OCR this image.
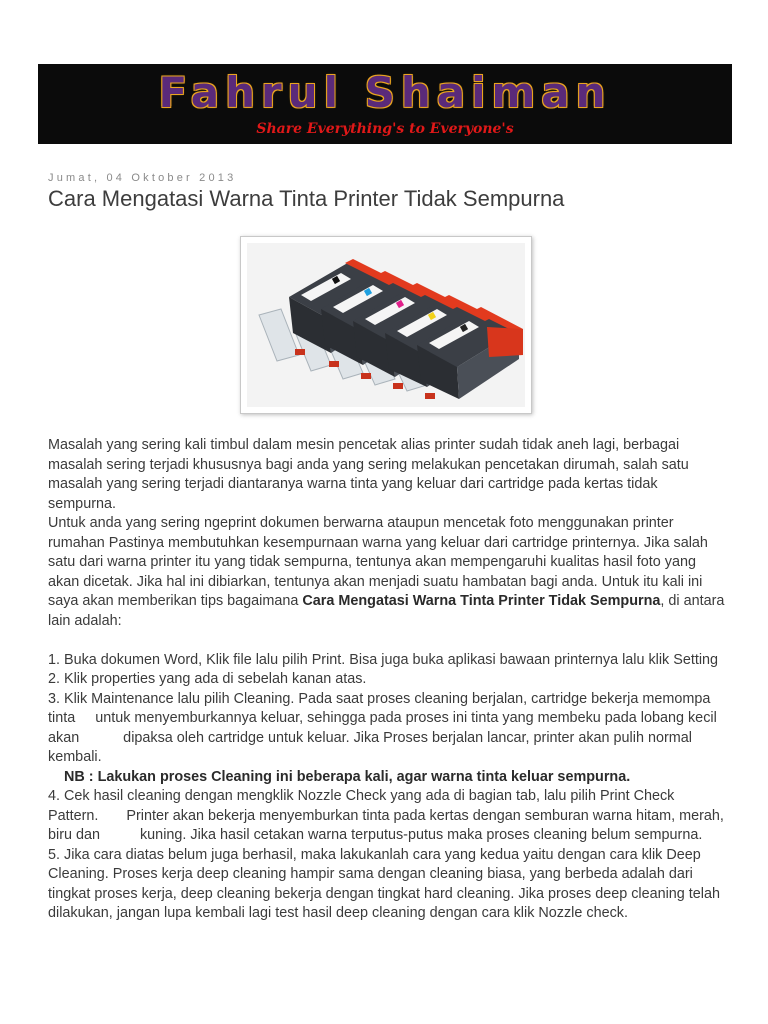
Fahrul Shaiman
Share Everything's to Everyone's
Jumat, 04 Oktober 2013
Cara Mengatasi Warna Tinta Printer Tidak Sempurna

Masalah yang sering kali timbul dalam mesin pencetak alias printer sudah tidak aneh lagi, berbagai masalah sering terjadi khususnya bagi anda yang sering melakukan pencetakan dirumah, salah satu masalah yang sering terjadi diantaranya warna tinta yang keluar dari cartridge pada kertas tidak sempurna.

Untuk anda yang sering ngeprint dokumen berwarna ataupun mencetak foto menggunakan printer rumahan Pastinya membutuhkan kesempurnaan warna yang keluar dari cartridge printernya. Jika salah satu dari warna printer itu yang tidak sempurna, tentunya akan mempengaruhi kualitas hasil foto yang akan dicetak. Jika hal ini dibiarkan, tentunya akan menjadi suatu hambatan bagi anda. Untuk itu kali ini saya akan memberikan tips bagaimana Cara Mengatasi Warna Tinta Printer Tidak Sempurna, di antara lain adalah:

1. Buka dokumen Word, Klik file lalu pilih Print. Bisa juga buka aplikasi bawaan printernya lalu klik Setting

2. Klik properties yang ada di sebelah kanan atas.

3. Klik Maintenance lalu pilih Cleaning. Pada saat proses cleaning berjalan, cartridge bekerja memompa tinta     untuk menyemburkannya keluar, sehingga pada proses ini tinta yang membeku pada lobang kecil akan           dipaksa oleh cartridge untuk keluar. Jika Proses berjalan lancar, printer akan pulih normal kembali.

NB : Lakukan proses Cleaning ini beberapa kali, agar warna tinta keluar sempurna.

4. Cek hasil cleaning dengan mengklik Nozzle Check yang ada di bagian tab, lalu pilih Print Check Pattern.       Printer akan bekerja menyemburkan tinta pada kertas dengan semburan warna hitam, merah, biru dan          kuning. Jika hasil cetakan warna terputus-putus maka proses cleaning belum sempurna.

5. Jika cara diatas belum juga berhasil, maka lakukanlah cara yang kedua yaitu dengan cara klik Deep               Cleaning. Proses kerja deep cleaning hampir sama dengan cleaning biasa, yang berbeda adalah dari              tingkat proses kerja, deep cleaning bekerja dengan tingkat hard cleaning. Jika proses deep cleaning telah       dilakukan, jangan lupa kembali lagi test hasil deep cleaning dengan cara klik Nozzle check.
